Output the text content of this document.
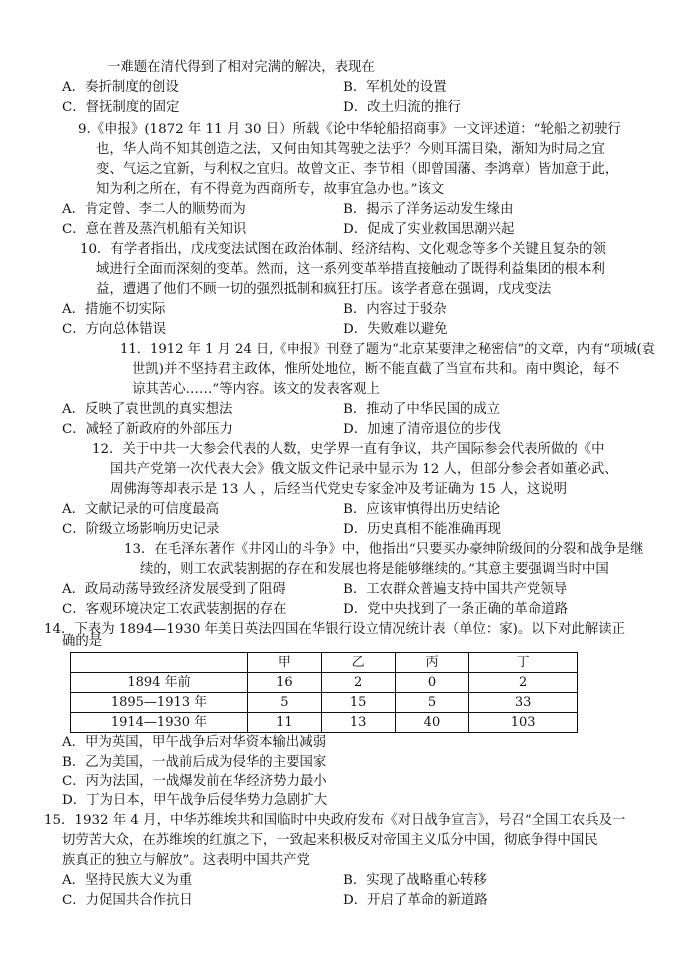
一难题在清代得到了相对完满的解决，表现在
A．奏折制度的创设	B．军机处的设置
C．督抚制度的固定	D．改土归流的推行
9.《申报》(1872 年 11 月 30 日）所载《论中华轮船招商事》一文评述道：“轮船之初驶行
也，华人尚不知其创造之法，又何由知其驾驶之法乎？今则耳濡目染，渐知为时局之宜
变、气运之宜新，与利权之宜归。故曾文正、李节相（即曾国藩、李鸿章）皆加意于此，
知为利之所在，有不得竟为西商所专，故事宜急办也。”该文
A．肯定曾、李二人的顺势而为	B．揭示了洋务运动发生缘由
C．意在普及蒸汽机船有关知识	D．促成了实业救国思潮兴起
10．有学者指出，戊戌变法试图在政治体制、经济结构、文化观念等多个关键且复杂的领
域进行全面而深刻的变革。然而，这一系列变革举措直接触动了既得利益集团的根本利
益，遭遇了他们不顾一切的强烈抵制和疯狂打压。该学者意在强调，戊戌变法
A．措施不切实际	B．内容过于驳杂
C．方向总体错误	D．失败难以避免
11．1912 年 1 月 24 日,《申报》刊登了题为“北京某要津之秘密信”的文章，内有“项城(袁
世凯)并不坚持君主政体，惟所处地位，断不能直截了当宣布共和。南中舆论，每不
谅其苦心……”等内容。该文的发表客观上
A．反映了袁世凯的真实想法	B．推动了中华民国的成立
C．减轻了新政府的外部压力	D．加速了清帝退位的步伐
12．关于中共一大参会代表的人数，史学界一直有争议，共产国际参会代表所做的《中
国共产党第一次代表大会》俄文版文件记录中显示为 12 人，但部分参会者如董必武、
周佛海等却表示是 13 人 ，后经当代党史专家金冲及考证确为 15 人，这说明
A．文献记录的可信度最高	B．应该审慎得出历史结论
C．阶级立场影响历史记录	D．历史真相不能准确再现
13．在毛泽东著作《井冈山的斗争》中，他指出“只要买办豪绅阶级间的分裂和战争是继
续的，则工农武装割据的存在和发展也将是能够继续的。”其意主要强调当时中国
A．政局动荡导致经济发展受到了阻碍	B．工农群众普遍支持中国共产党领导
C．客观环境决定工农武装割据的存在	D．党中央找到了一条正确的革命道路
14．下表为 1894—1930 年美日英法四国在华银行设立情况统计表（单位：家)。以下对此解读正
确的是
	甲	乙	丙	丁
1894 年前	16	2	0	2
1895—1913 年	5	15	5	33
1914—1930 年	11	13	40	103
A．甲为英国，甲午战争后对华资本输出减弱
B．乙为美国，一战前后成为侵华的主要国家
C．丙为法国，一战爆发前在华经济势力最小
D．丁为日本，甲午战争后侵华势力急剧扩大
15．1932 年 4 月，中华苏维埃共和国临时中央政府发布《对日战争宣言》，号召“全国工农兵及一
切劳苦大众，在苏维埃的红旗之下，一致起来积极反对帝国主义瓜分中国，彻底争得中国民
族真正的独立与解放”。这表明中国共产党
A．坚持民族大义为重	B．实现了战略重心转移
C．力促国共合作抗日	D．开启了革命的新道路
